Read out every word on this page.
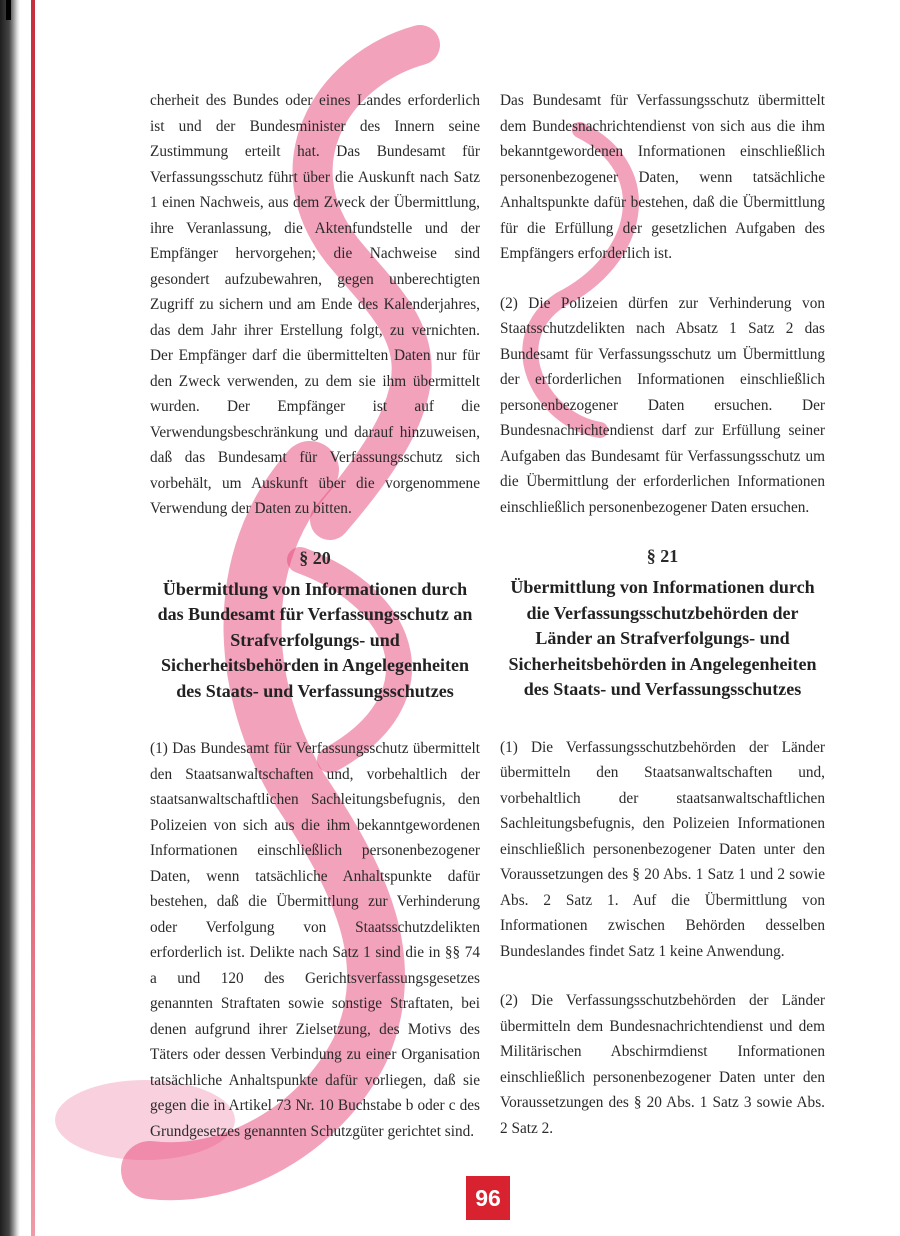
cherheit des Bundes oder eines Landes erforderlich ist und der Bundesminister des Innern seine Zustimmung erteilt hat. Das Bundesamt für Verfassungsschutz führt über die Auskunft nach Satz 1 einen Nachweis, aus dem Zweck der Übermittlung, ihre Veranlassung, die Aktenfundstelle und der Empfänger hervorgehen; die Nachweise sind gesondert aufzubewahren, gegen unberechtigten Zugriff zu sichern und am Ende des Kalenderjahres, das dem Jahr ihrer Erstellung folgt, zu vernichten. Der Empfänger darf die übermittelten Daten nur für den Zweck verwenden, zu dem sie ihm übermittelt wurden. Der Empfänger ist auf die Verwendungsbeschränkung und darauf hinzuweisen, daß das Bundesamt für Verfassungsschutz sich vorbehält, um Auskunft über die vorgenommene Verwendung der Daten zu bitten.

§ 20
Übermittlung von Informationen durch das Bundesamt für Verfassungsschutz an Strafverfolgungs- und Sicherheitsbehörden in Angelegenheiten des Staats- und Verfassungsschutzes

(1) Das Bundesamt für Verfassungsschutz übermittelt den Staatsanwaltschaften und, vorbehaltlich der staatsanwaltschaftlichen Sachleitungsbefugnis, den Polizeien von sich aus die ihm bekanntgewordenen Informationen einschließlich personenbezogener Daten, wenn tatsächliche Anhaltspunkte dafür bestehen, daß die Übermittlung zur Verhinderung oder Verfolgung von Staatsschutzdelikten erforderlich ist. Delikte nach Satz 1 sind die in §§ 74 a und 120 des Gerichtsverfassungsgesetzes genannten Straftaten sowie sonstige Straftaten, bei denen aufgrund ihrer Zielsetzung, des Motivs des Täters oder dessen Verbindung zu einer Organisation tatsächliche Anhaltspunkte dafür vorliegen, daß sie gegen die in Artikel 73 Nr. 10 Buchstabe b oder c des Grundgesetzes genannten Schutzgüter gerichtet sind.

Das Bundesamt für Verfassungsschutz übermittelt dem Bundesnachrichtendienst von sich aus die ihm bekanntgewordenen Informationen einschließlich personenbezogener Daten, wenn tatsächliche Anhaltspunkte dafür bestehen, daß die Übermittlung für die Erfüllung der gesetzlichen Aufgaben des Empfängers erforderlich ist.

(2) Die Polizeien dürfen zur Verhinderung von Staatsschutzdelikten nach Absatz 1 Satz 2 das Bundesamt für Verfassungsschutz um Übermittlung der erforderlichen Informationen einschließlich personenbezogener Daten ersuchen. Der Bundesnachrichtendienst darf zur Erfüllung seiner Aufgaben das Bundesamt für Verfassungsschutz um die Übermittlung der erforderlichen Informationen einschließlich personenbezogener Daten ersuchen.

§ 21
Übermittlung von Informationen durch die Verfassungsschutzbehörden der Länder an Strafverfolgungs- und Sicherheitsbehörden in Angelegenheiten des Staats- und Verfassungsschutzes

(1) Die Verfassungsschutzbehörden der Länder übermitteln den Staatsanwaltschaften und, vorbehaltlich der staatsanwaltschaftlichen Sachleitungsbefugnis, den Polizeien Informationen einschließlich personenbezogener Daten unter den Voraussetzungen des § 20 Abs. 1 Satz 1 und 2 sowie Abs. 2 Satz 1. Auf die Übermittlung von Informationen zwischen Behörden desselben Bundeslandes findet Satz 1 keine Anwendung.

(2) Die Verfassungsschutzbehörden der Länder übermitteln dem Bundesnachrichtendienst und dem Militärischen Abschirmdienst Informationen einschließlich personenbezogener Daten unter den Voraussetzungen des § 20 Abs. 1 Satz 3 sowie Abs. 2 Satz 2.

96
